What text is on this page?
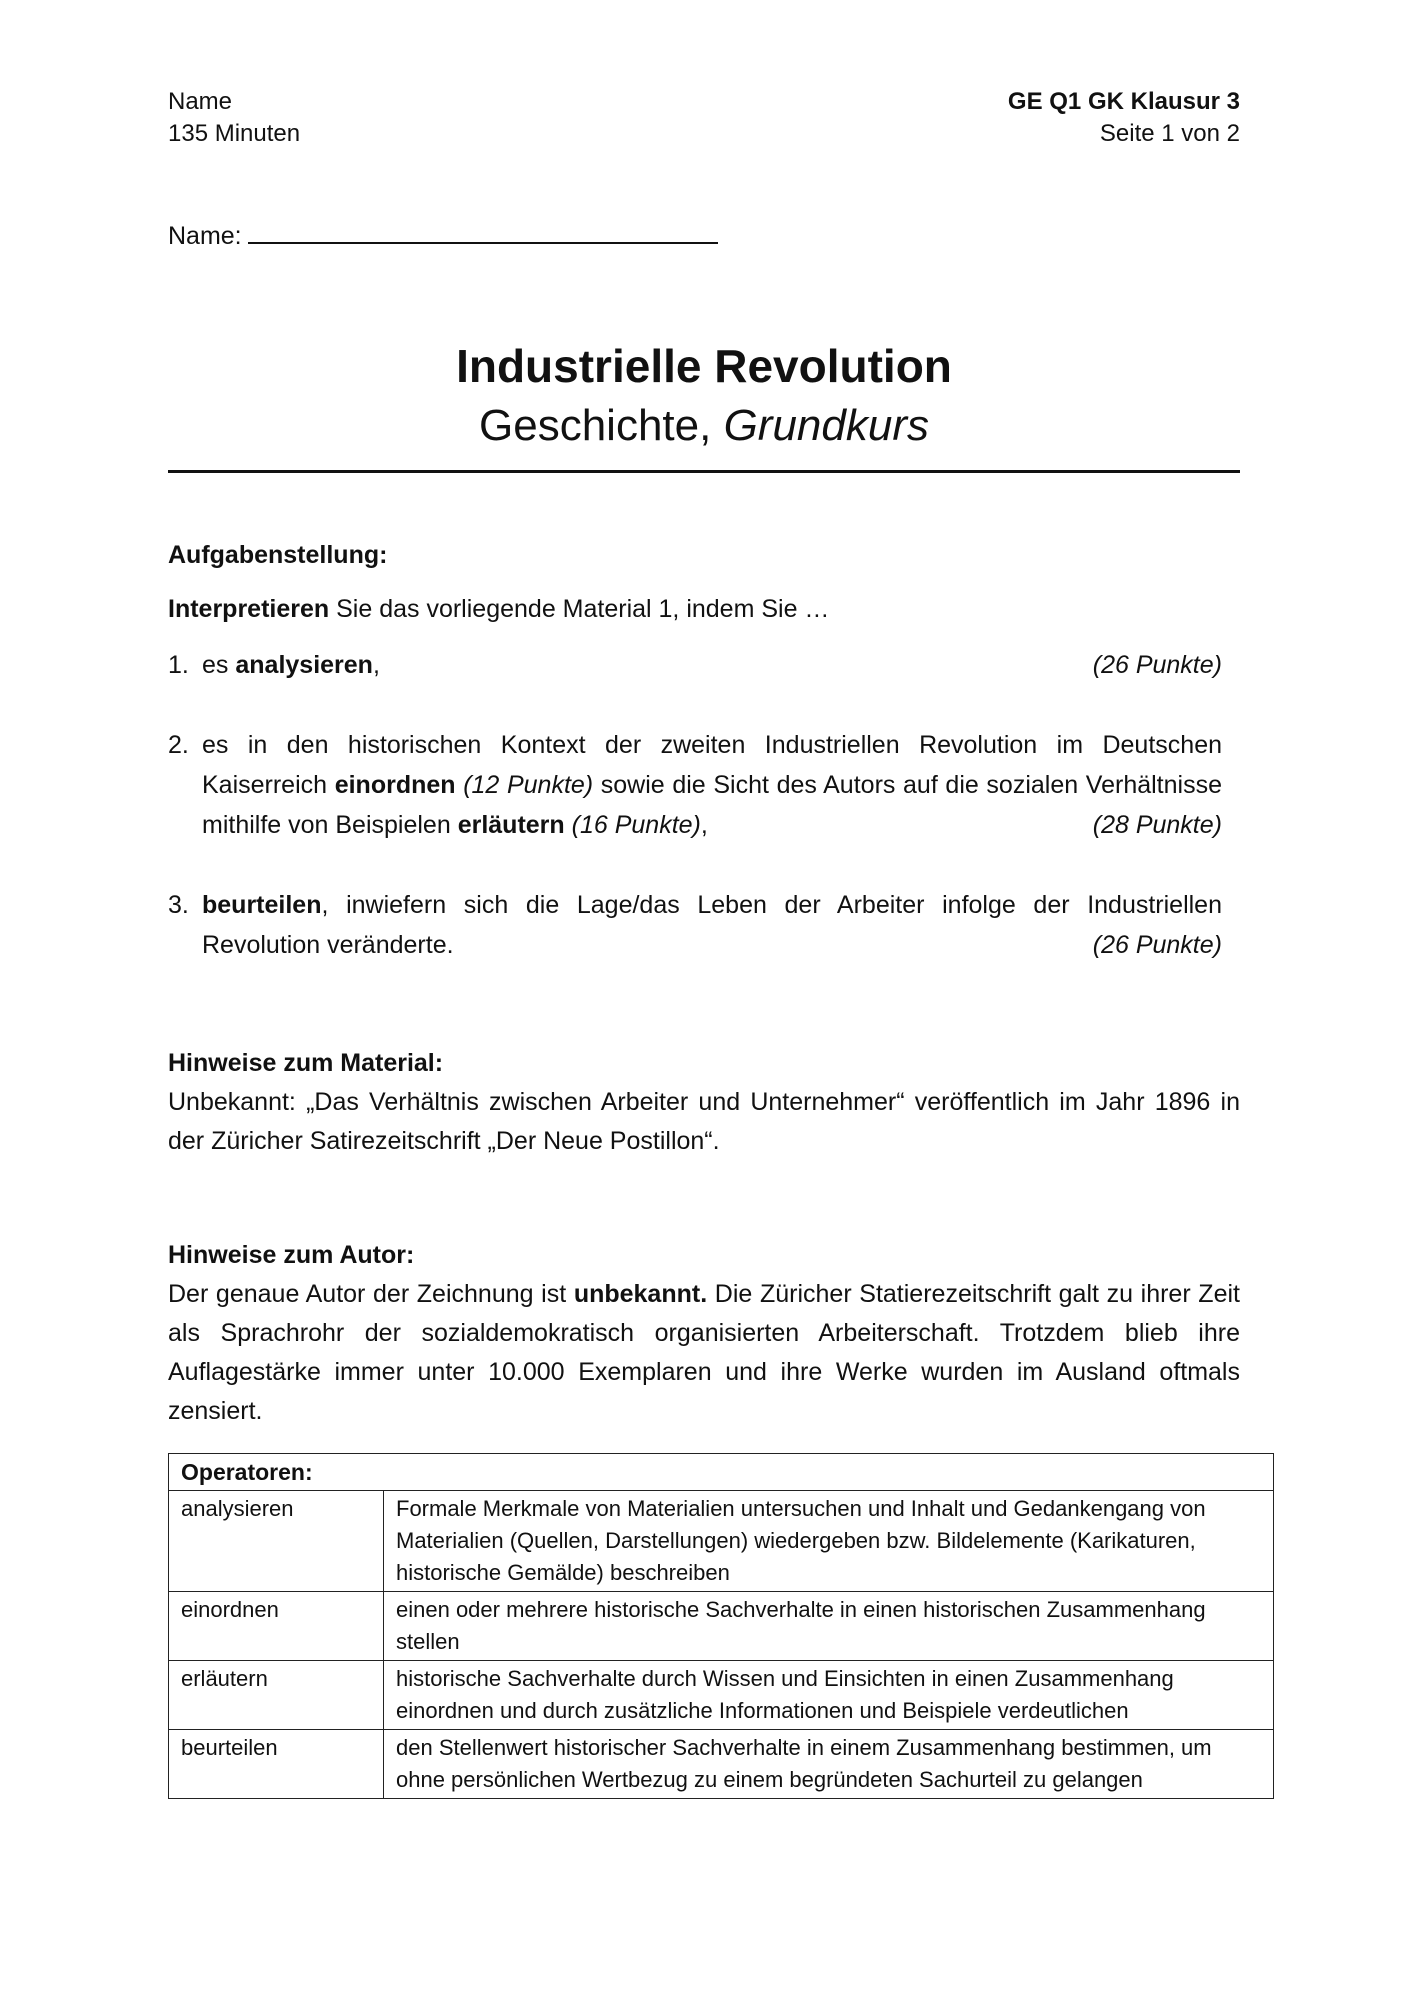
Name
135 Minuten
GE Q1 GK Klausur 3
Seite 1 von 2
Name:
Industrielle Revolution
Geschichte, Grundkurs
Aufgabenstellung:
Interpretieren Sie das vorliegende Material 1, indem Sie …
1. es analysieren,	(26 Punkte)
2. es in den historischen Kontext der zweiten Industriellen Revolution im Deutschen Kaiserreich einordnen (12 Punkte) sowie die Sicht des Autors auf die sozialen Verhältnisse mithilfe von Beispielen erläutern (16 Punkte),	(28 Punkte)
3. beurteilen, inwiefern sich die Lage/das Leben der Arbeiter infolge der Industriellen Revolution veränderte.	(26 Punkte)
Hinweise zum Material:
Unbekannt: „Das Verhältnis zwischen Arbeiter und Unternehmer“ veröffentlich im Jahr 1896 in der Züricher Satirezeitschrift „Der Neue Postillon“.
Hinweise zum Autor:
Der genaue Autor der Zeichnung ist unbekannt. Die Züricher Statierezeitschrift galt zu ihrer Zeit als Sprachrohr der sozialdemokratisch organisierten Arbeiterschaft. Trotzdem blieb ihre Auflagestärke immer unter 10.000 Exemplaren und ihre Werke wurden im Ausland oftmals zensiert.
Operatoren:	
analysieren	Formale Merkmale von Materialien untersuchen und Inhalt und Gedankengang von Materialien (Quellen, Darstellungen) wiedergeben bzw. Bildelemente (Karikaturen, historische Gemälde) beschreiben
einordnen	einen oder mehrere historische Sachverhalte in einen historischen Zusammenhang stellen
erläutern	historische Sachverhalte durch Wissen und Einsichten in einen Zusammenhang einordnen und durch zusätzliche Informationen und Beispiele verdeutlichen
beurteilen	den Stellenwert historischer Sachverhalte in einem Zusammenhang bestimmen, um ohne persönlichen Wertbezug zu einem begründeten Sachurteil zu gelangen
